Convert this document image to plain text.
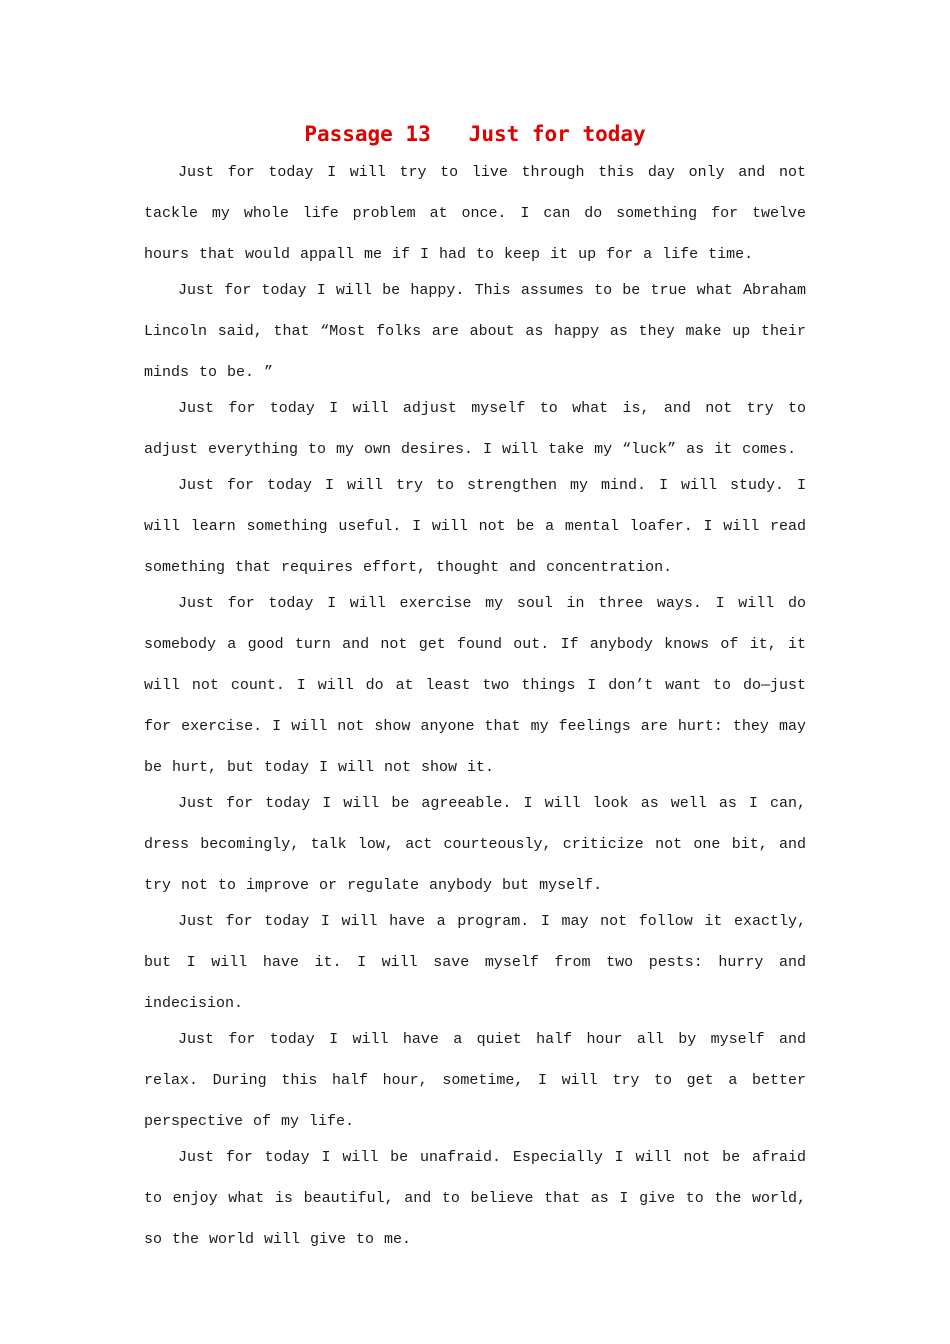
Passage 13   Just for today

Just for today I will try to live through this day only and not tackle my whole life problem at once. I can do something for twelve hours that would appall me if I had to keep it up for a life time.

Just for today I will be happy. This assumes to be true what Abraham Lincoln said, that “Most folks are about as happy as they make up their minds to be. ”

Just for today I will adjust myself to what is, and not try to adjust everything to my own desires. I will take my “luck” as it comes.

Just for today I will try to strengthen my mind. I will study. I will learn something useful. I will not be a mental loafer. I will read something that requires effort, thought and concentration.

Just for today I will exercise my soul in three ways. I will do somebody a good turn and not get found out. If anybody knows of it, it will not count. I will do at least two things I don’t want to do—just for exercise. I will not show anyone that my feelings are hurt: they may be hurt, but today I will not show it.

Just for today I will be agreeable. I will look as well as I can, dress becomingly, talk low, act courteously, criticize not one bit, and try not to improve or regulate anybody but myself.

Just for today I will have a program. I may not follow it exactly, but I will have it. I will save myself from two pests: hurry and indecision.

Just for today I will have a quiet half hour all by myself and relax. During this half hour, sometime, I will try to get a better perspective of my life.

Just for today I will be unafraid. Especially I will not be afraid to enjoy what is beautiful, and to believe that as I give to the world, so the world will give to me.
